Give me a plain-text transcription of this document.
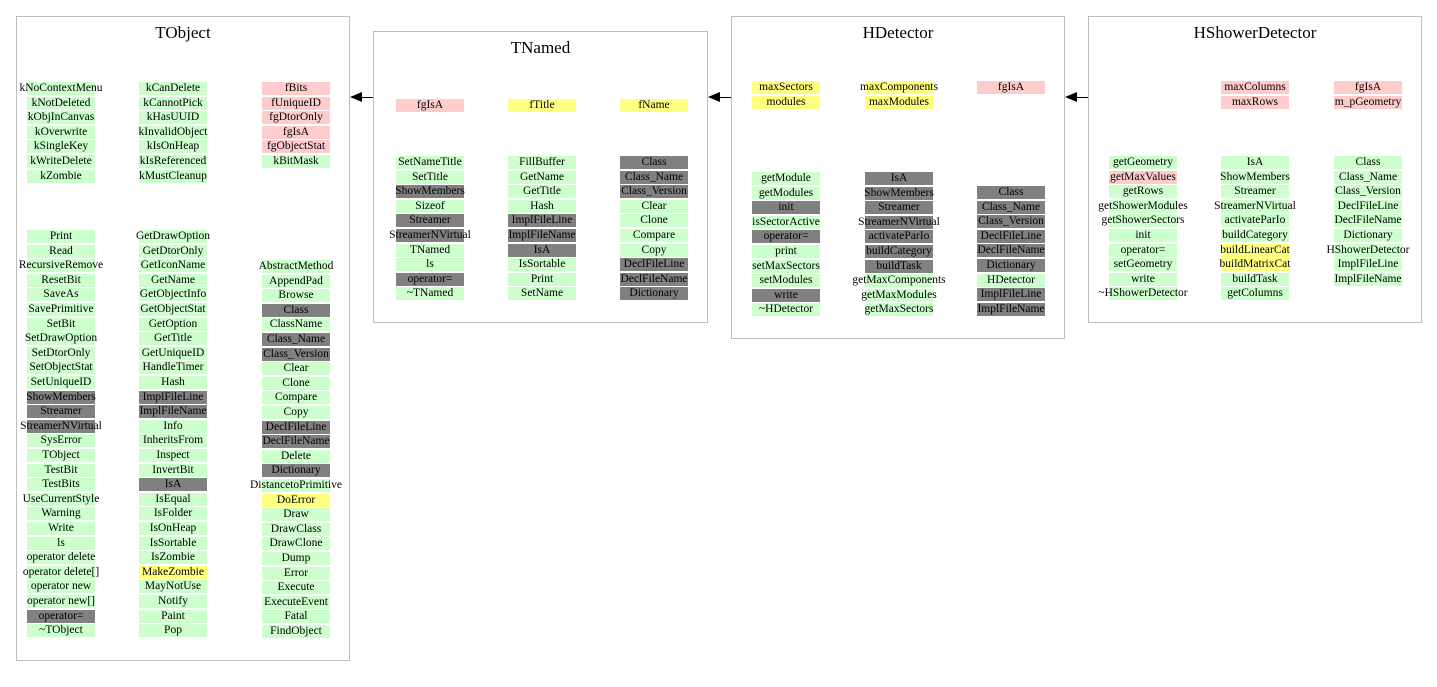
TObject
kNoContextMenu
kNotDeleted
kObjInCanvas
kOverwrite
kSingleKey
kWriteDelete
kZombie
Print
Read
RecursiveRemove
ResetBit
SaveAs
SavePrimitive
SetBit
SetDrawOption
SetDtorOnly
SetObjectStat
SetUniqueID
ShowMembers
Streamer
StreamerNVirtual
SysError
TObject
TestBit
TestBits
UseCurrentStyle
Warning
Write
ls
operator delete
operator delete[]
operator new
operator new[]
operator=
~TObject
kCanDelete
kCannotPick
kHasUUID
kInvalidObject
kIsOnHeap
kIsReferenced
kMustCleanup
GetDrawOption
GetDtorOnly
GetIconName
GetName
GetObjectInfo
GetObjectStat
GetOption
GetTitle
GetUniqueID
HandleTimer
Hash
ImplFileLine
ImplFileName
Info
InheritsFrom
Inspect
InvertBit
IsA
IsEqual
IsFolder
IsOnHeap
IsSortable
IsZombie
MakeZombie
MayNotUse
Notify
Paint
Pop
fBits
fUniqueID
fgDtorOnly
fgIsA
fgObjectStat
kBitMask
AbstractMethod
AppendPad
Browse
Class
ClassName
Class_Name
Class_Version
Clear
Clone
Compare
Copy
DeclFileLine
DeclFileName
Delete
Dictionary
DistancetoPrimitive
DoError
Draw
DrawClass
DrawClone
Dump
Error
Execute
ExecuteEvent
Fatal
FindObject
TNamed
fgIsA
SetNameTitle
SetTitle
ShowMembers
Sizeof
Streamer
StreamerNVirtual
TNamed
ls
operator=
~TNamed
fTitle
FillBuffer
GetName
GetTitle
Hash
ImplFileLine
ImplFileName
IsA
IsSortable
Print
SetName
fName
Class
Class_Name
Class_Version
Clear
Clone
Compare
Copy
DeclFileLine
DeclFileName
Dictionary
HDetector
maxSectors
modules
getModule
getModules
init
isSectorActive
operator=
print
setMaxSectors
setModules
write
~HDetector
maxComponents
maxModules
IsA
ShowMembers
Streamer
StreamerNVirtual
activateParIo
buildCategory
buildTask
getMaxComponents
getMaxModules
getMaxSectors
fgIsA
Class
Class_Name
Class_Version
DeclFileLine
DeclFileName
Dictionary
HDetector
ImplFileLine
ImplFileName
HShowerDetector
getGeometry
getMaxValues
getRows
getShowerModules
getShowerSectors
init
operator=
setGeometry
write
~HShowerDetector
maxColumns
maxRows
IsA
ShowMembers
Streamer
StreamerNVirtual
activateParIo
buildCategory
buildLinearCat
buildMatrixCat
buildTask
getColumns
fgIsA
m_pGeometry
Class
Class_Name
Class_Version
DeclFileLine
DeclFileName
Dictionary
HShowerDetector
ImplFileLine
ImplFileName
